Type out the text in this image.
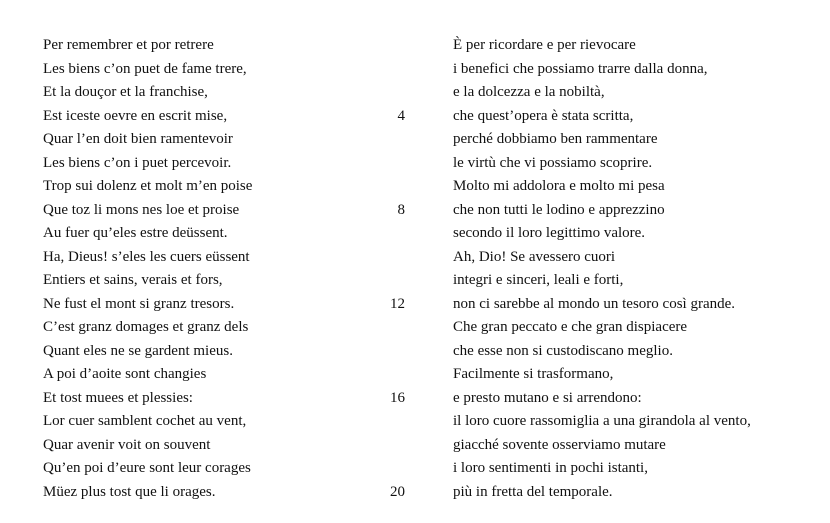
Per remembrer et por retrere
Les biens c’on puet de fame trere,
Et la douçor et la franchise,
Est iceste oevre en escrit mise,
Quar l’en doit bien ramentevoir
Les biens c’on i puet percevoir.
Trop sui dolenz et molt m’en poise
Que toz li mons nes loe et proise
Au fuer qu’eles estre deüssent.
Ha, Dieus! s’eles les cuers eüssent
Entiers et sains, verais et fors,
Ne fust el mont si granz tresors.
C’est granz domages et granz dels
Quant eles ne se gardent mieus.
A poi d’aoite sont changies
Et tost muees et plessies:
Lor cuer samblent cochet au vent,
Quar avenir voit on souvent
Qu’en poi d’eure sont leur corages
Müez plus tost que li orages.
4
8
12
16
20
È per ricordare e per rievocare
i benefici che possiamo trarre dalla donna,
e la dolcezza e la nobiltà,
che quest’opera è stata scritta,
perché dobbiamo ben rammentare
le virtù che vi possiamo scoprire.
Molto mi addolora e molto mi pesa
che non tutti le lodino e apprezzino
secondo il loro legittimo valore.
Ah, Dio! Se avessero cuori
integri e sinceri, leali e forti,
non ci sarebbe al mondo un tesoro così grande.
Che gran peccato e che gran dispiacere
che esse non si custodiscano meglio.
Facilmente si trasformano,
e presto mutano e si arrendono:
il loro cuore rassomiglia a una girandola al vento,
giacché sovente osserviamo mutare
i loro sentimenti in pochi istanti,
più in fretta del temporale.
